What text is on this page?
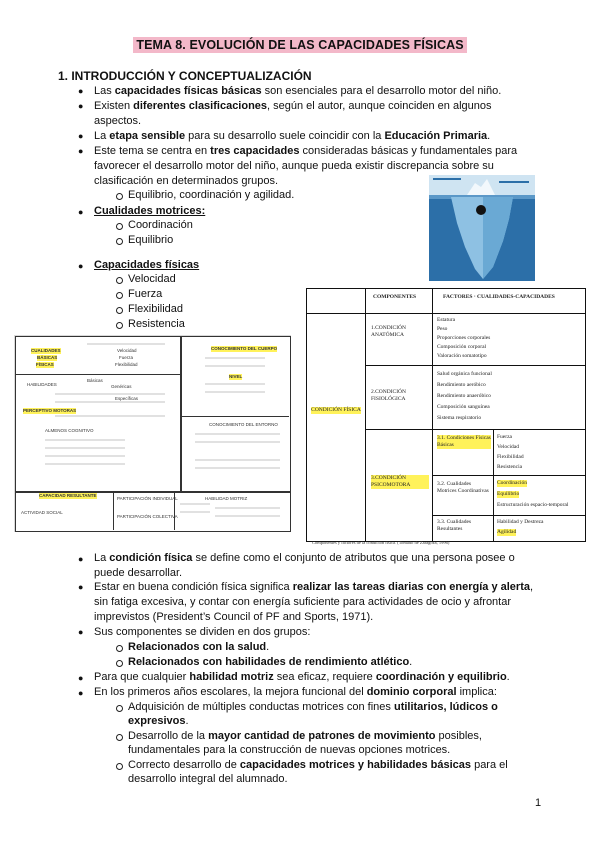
TEMA 8. EVOLUCIÓN DE LAS CAPACIDADES FÍSICAS
1. INTRODUCCIÓN Y CONCEPTUALIZACIÓN
● Las capacidades físicas básicas son esenciales para el desarrollo motor del niño.
● Existen diferentes clasificaciones, según el autor, aunque coinciden en algunos
aspectos.
● La etapa sensible para su desarrollo suele coincidir con la Educación Primaria.
● Este tema se centra en tres capacidades consideradas básicas y fundamentales para
favorecer el desarrollo motor del niño, aunque pueda existir discrepancia sobre su
clasificación en determinados grupos.
Equilibrio, coordinación y agilidad.
● Cualidades motrices:
Coordinación
Equilibrio
● Capacidades físicas
Velocidad
Fuerza
Flexibilidad
Resistencia
CUALIDADES
BÁSICAS
FÍSICAS
Velocidad
Fuerza
Flexibilidad
HABILIDADES
Básicas
Genéricas
Específicas
PERCEPTIVO MOTORAS
ALMENOS COGNITIVO
CONOCIMIENTO DEL CUERPO
NIVEL
CONOCIMIENTO DEL ENTORNO
CAPACIDAD RESULTANTE
ACTIVIDAD SOCIAL
PARTICIPACIÓN INDIVIDUAL
PARTICIPACIÓN COLECTIVA
HABILIDAD MOTRIZ
COMPONENTES	FACTORES · CUALIDADES-CAPACIDADES
CONDICIÓN FÍSICA
1.CONDICIÓN ANATÓMICA
Estatura
Peso
Proporciones corporales
Composición corporal
Valoración somatotipo
2.CONDICIÓN FISIOLÓGICA
Salud orgánica funcional
Rendimiento aeróbico
Rendimiento anaeróbico
Composición sanguínea
Sistema respiratorio
3.CONDICIÓN PSICOMOTORA
3.1. Condiciones Físicas Básicas
Fuerza
Velocidad
Flexibilidad
Resistencia
3.2. Cualidades Motrices Coordinativas
Coordinación
Equilibrio
Estructuración espacio-temporal
3.3. Cualidades Resultantes
Habilidad y Destreza
Agilidad
Componentes y factores de la condición física. (Tomado de Zaragoza, 1996)
● La condición física se define como el conjunto de atributos que una persona posee o
puede desarrollar.
● Estar en buena condición física significa realizar las tareas diarias con energía y alerta,
sin fatiga excesiva, y contar con energía suficiente para actividades de ocio y afrontar
imprevistos (President’s Council of PF and Sports, 1971).
● Sus componentes se dividen en dos grupos:
Relacionados con la salud.
Relacionados con habilidades de rendimiento atlético.
● Para que cualquier habilidad motriz sea eficaz, requiere coordinación y equilibrio.
● En los primeros años escolares, la mejora funcional del dominio corporal implica:
Adquisición de múltiples conductas motrices con fines utilitarios, lúdicos o
expresivos.
Desarrollo de la mayor cantidad de patrones de movimiento posibles,
fundamentales para la construcción de nuevas opciones motrices.
Correcto desarrollo de capacidades motrices y habilidades básicas para el
desarrollo integral del alumnado.
1
